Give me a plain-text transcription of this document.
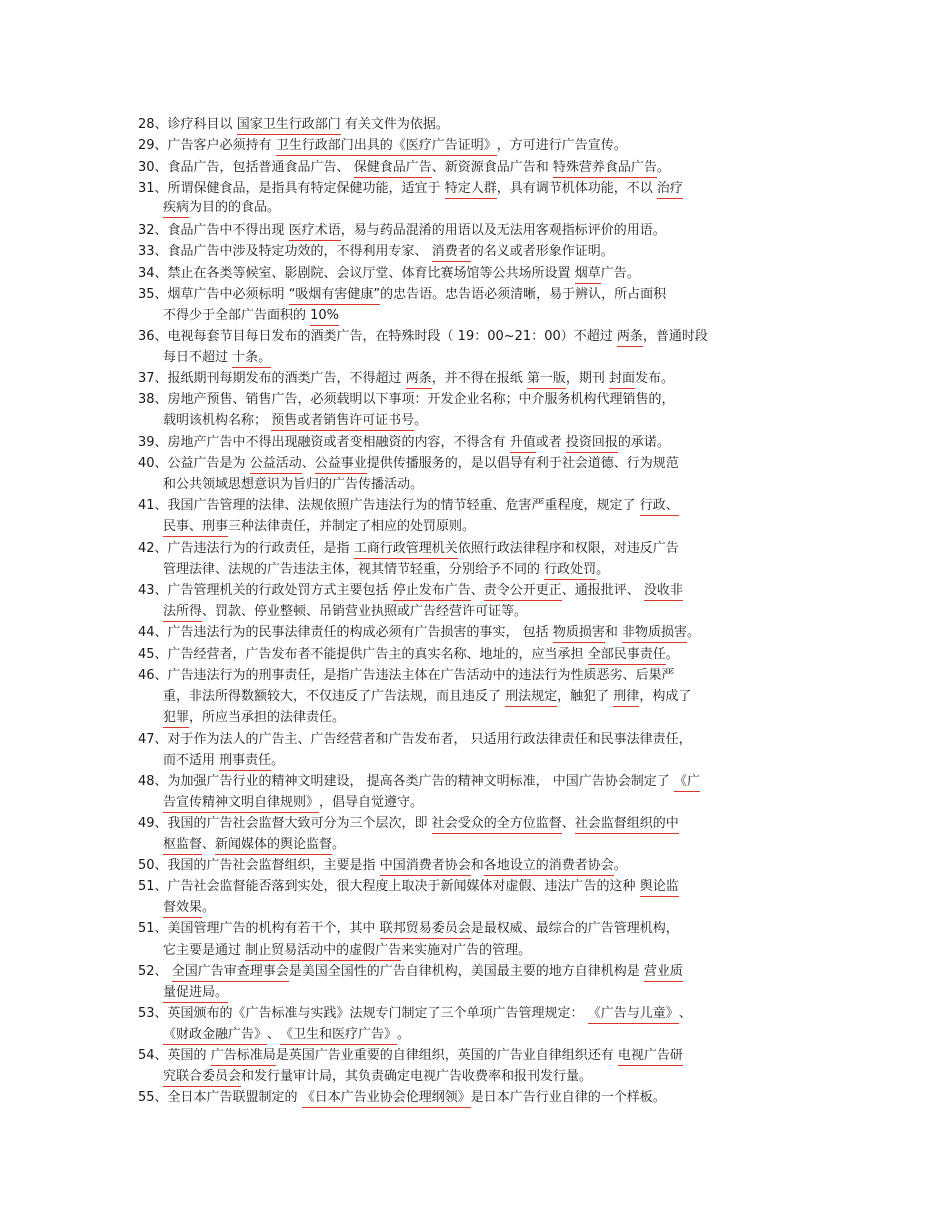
28、诊疗科目以 国家卫生行政部门 有关文件为依据。
29、广告客户必须持有 卫生行政部门出具的《医疗广告证明》，方可进行广告宣传。
30、食品广告，包括普通食品广告、 保健食品广告、新资源食品广告和 特殊营养食品广告。
31、所谓保健食品，是指具有特定保健功能，适宜于 特定人群，具有调节机体功能，不以 治疗
疾病为目的的食品。
32、食品广告中不得出现 医疗术语，易与药品混淆的用语以及无法用客观指标评价的用语。
33、食品广告中涉及特定功效的，不得利用专家、 消费者的名义或者形象作证明。
34、禁止在各类等候室、影剧院、会议厅堂、体育比赛场馆等公共场所设置 烟草广告。
35、烟草广告中必须标明 “吸烟有害健康”的忠告语。忠告语必须清晰，易于辨认，所占面积
不得少于全部广告面积的 10%
36、电视每套节目每日发布的酒类广告，在特殊时段（ 19：00~21：00）不超过 两条，普通时段
每日不超过 十条。
37、报纸期刊每期发布的酒类广告，不得超过 两条，并不得在报纸 第一版，期刊 封面发布。
38、房地产预售、销售广告，必须载明以下事项：开发企业名称；中介服务机构代理销售的，
载明该机构名称； 预售或者销售许可证书号。
39、房地产广告中不得出现融资或者变相融资的内容，不得含有 升值或者 投资回报的承诺。
40、公益广告是为 公益活动、公益事业提供传播服务的，是以倡导有利于社会道德、行为规范
和公共领域思想意识为旨归的广告传播活动。
41、我国广告管理的法律、法规依照广告违法行为的情节轻重、危害严重程度，规定了 行政、
民事、刑事三种法律责任，并制定了相应的处罚原则。
42、广告违法行为的行政责任，是指 工商行政管理机关依照行政法律程序和权限，对违反广告
管理法律、法规的广告违法主体，视其情节轻重，分别给予不同的 行政处罚。
43、广告管理机关的行政处罚方式主要包括 停止发布广告、责令公开更正、通报批评、 没收非
法所得、罚款、停业整顿、吊销营业执照或广告经营许可证等。
44、广告违法行为的民事法律责任的构成必须有广告损害的事实， 包括 物质损害和 非物质损害。
45、广告经营者，广告发布者不能提供广告主的真实名称、地址的，应当承担 全部民事责任。
46、广告违法行为的刑事责任，是指广告违法主体在广告活动中的违法行为性质恶劣、后果严
重，非法所得数额较大，不仅违反了广告法规，而且违反了 刑法规定，触犯了 刑律，构成了
犯罪，所应当承担的法律责任。
47、对于作为法人的广告主、广告经营者和广告发布者， 只适用行政法律责任和民事法律责任，
而不适用 刑事责任。
48、为加强广告行业的精神文明建设， 提高各类广告的精神文明标准， 中国广告协会制定了 《广
告宣传精神文明自律规则》，倡导自觉遵守。
49、我国的广告社会监督大致可分为三个层次，即 社会受众的全方位监督、社会监督组织的中
枢监督、新闻媒体的舆论监督。
50、我国的广告社会监督组织，主要是指 中国消费者协会和各地设立的消费者协会。
51、广告社会监督能否落到实处，很大程度上取决于新闻媒体对虚假、违法广告的这种 舆论监
督效果。
51、美国管理广告的机构有若干个，其中 联邦贸易委员会是最权威、最综合的广告管理机构，
它主要是通过 制止贸易活动中的虚假广告来实施对广告的管理。
52、 全国广告审查理事会是美国全国性的广告自律机构，美国最主要的地方自律机构是 营业质
量促进局。
53、英国颁布的《广告标准与实践》法规专门制定了三个单项广告管理规定： 《广告与儿童》、
《财政金融广告》、《卫生和医疗广告》。
54、英国的 广告标准局是英国广告业重要的自律组织，英国的广告业自律组织还有 电视广告研
究联合委员会和发行量审计局，其负责确定电视广告收费率和报刊发行量。
55、全日本广告联盟制定的 《日本广告业协会伦理纲领》是日本广告行业自律的一个样板。
